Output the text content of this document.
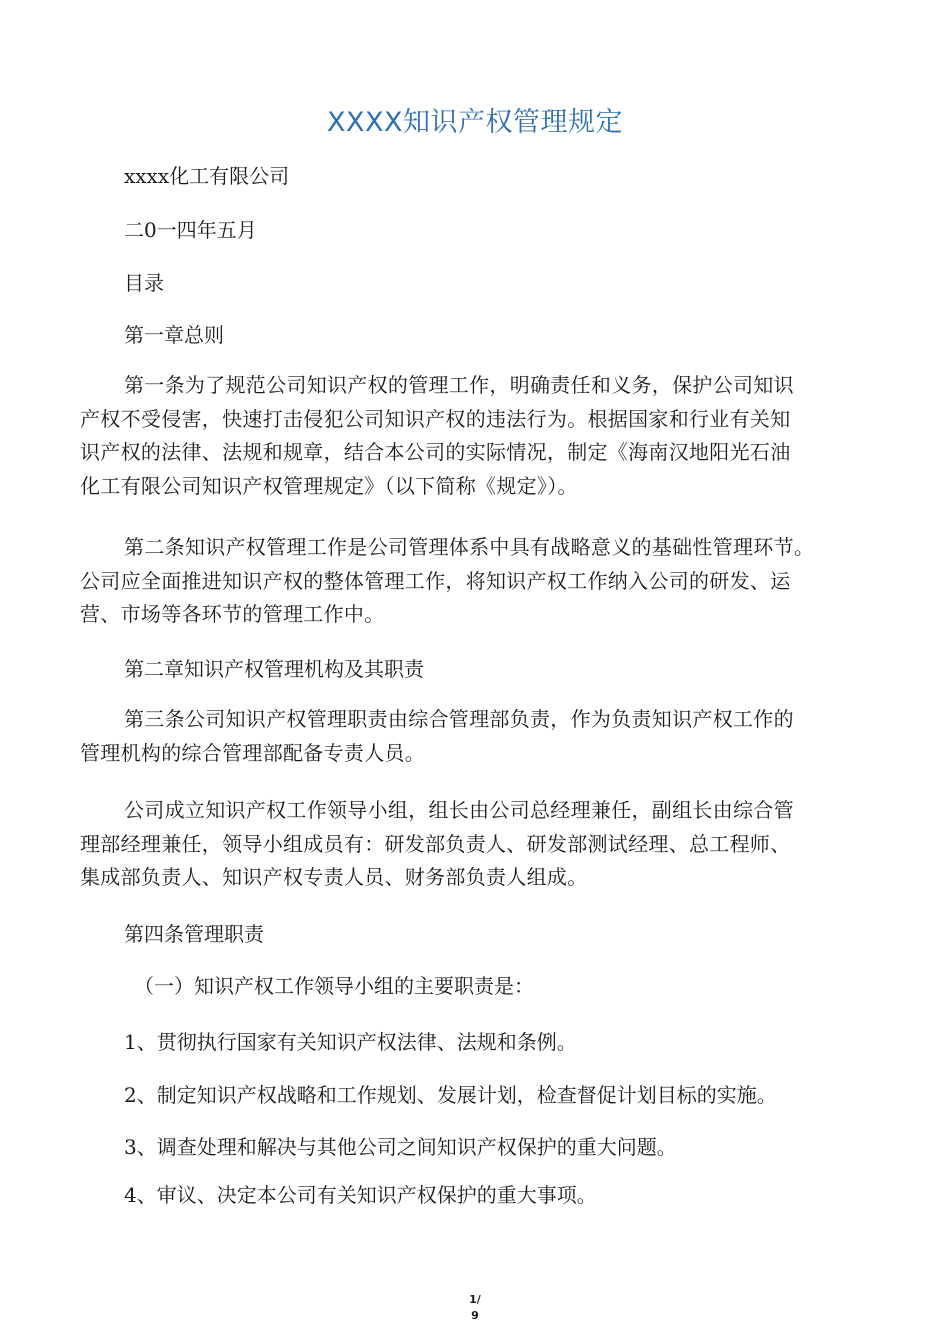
XXXX知识产权管理规定
xxxx化工有限公司
二0一四年五月
目录
第一章总则
第一条为了规范公司知识产权的管理工作，明确责任和义务，保护公司知识
产权不受侵害，快速打击侵犯公司知识产权的违法行为。根据国家和行业有关知
识产权的法律、法规和规章，结合本公司的实际情况，制定《海南汉地阳光石油
化工有限公司知识产权管理规定》（以下简称《规定》）。
第二条知识产权管理工作是公司管理体系中具有战略意义的基础性管理环节。
公司应全面推进知识产权的整体管理工作，将知识产权工作纳入公司的研发、运
营、市场等各环节的管理工作中。
第二章知识产权管理机构及其职责
第三条公司知识产权管理职责由综合管理部负责，作为负责知识产权工作的
管理机构的综合管理部配备专责人员。
公司成立知识产权工作领导小组，组长由公司总经理兼任，副组长由综合管
理部经理兼任，领导小组成员有：研发部负责人、研发部测试经理、总工程师、
集成部负责人、知识产权专责人员、财务部负责人组成。
第四条管理职责
（一）知识产权工作领导小组的主要职责是：
1、贯彻执行国家有关知识产权法律、法规和条例。
2、制定知识产权战略和工作规划、发展计划，检查督促计划目标的实施。
3、调查处理和解决与其他公司之间知识产权保护的重大问题。
4、审议、决定本公司有关知识产权保护的重大事项。
1/
9
